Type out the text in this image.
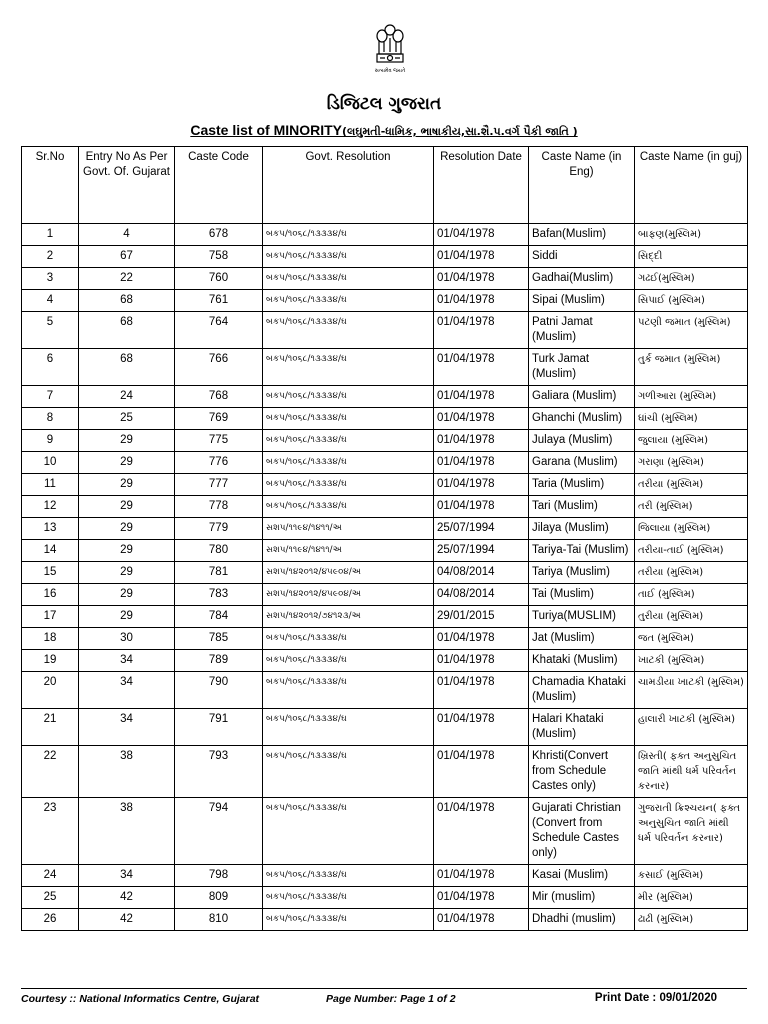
સત્યમેવ જયતે
ડિજિટલ ગુજરાત
Caste list of MINORITY(લઘુમતી-ધામિક, ભાષાકીય,સા.શૈ.પ.વર્ગ પૈકી જાતિ )
Sr.No	Entry No As Per Govt. Of. Gujarat	Caste Code	Govt. Resolution	Resolution Date	Caste Name (in Eng)	Caste Name (in guj)
1	4	678	બકપ/૧૦૬૮/૧૩૩૩૪/ઘ	01/04/1978	Bafan(Muslim)	બાફણ(મુસ્લિમ)
2	67	758	બકપ/૧૦૬૮/૧૩૩૩૪/ઘ	01/04/1978	Siddi	સિદ્દી
3	22	760	બકપ/૧૦૬૮/૧૩૩૩૪/ઘ	01/04/1978	Gadhai(Muslim)	ગઢઈ(મુસ્લિમ)
4	68	761	બકપ/૧૦૬૮/૧૩૩૩૪/ઘ	01/04/1978	Sipai (Muslim)	સિપાઈ (મુસ્લિમ)
5	68	764	બકપ/૧૦૬૮/૧૩૩૩૪/ઘ	01/04/1978	Patni Jamat (Muslim)	પટણી જમાત (મુસ્લિમ)
6	68	766	બકપ/૧૦૬૮/૧૩૩૩૪/ઘ	01/04/1978	Turk Jamat (Muslim)	તુર્ક જમાત (મુસ્લિમ)
7	24	768	બકપ/૧૦૬૮/૧૩૩૩૪/ઘ	01/04/1978	Galiara (Muslim)	ગળીઆરા (મુસ્લિમ)
8	25	769	બકપ/૧૦૬૮/૧૩૩૩૪/ઘ	01/04/1978	Ghanchi (Muslim)	ઘાંચી (મુસ્લિમ)
9	29	775	બકપ/૧૦૬૮/૧૩૩૩૪/ઘ	01/04/1978	Julaya (Muslim)	જુલાયા (મુસ્લિમ)
10	29	776	બકપ/૧૦૬૮/૧૩૩૩૪/ઘ	01/04/1978	Garana (Muslim)	ગરાણા (મુસ્લિમ)
11	29	777	બકપ/૧૦૬૮/૧૩૩૩૪/ઘ	01/04/1978	Taria (Muslim)	તરીયા (મુસ્લિમ)
12	29	778	બકપ/૧૦૬૮/૧૩૩૩૪/ઘ	01/04/1978	Tari (Muslim)	તરી (મુસ્લિમ)
13	29	779	સશપ/૧૧૯૪/૧૪૧૧/અ	25/07/1994	Jilaya (Muslim)	જિલાયા (મુસ્લિમ)
14	29	780	સશપ/૧૧૯૪/૧૪૧૧/અ	25/07/1994	Tariya-Tai (Muslim)	તરીયા-તાઈ (મુસ્લિમ)
15	29	781	સશપ/૧૪૨૦૧૨/૪૫૯૦૪/અ	04/08/2014	Tariya (Muslim)	તરીયા (મુસ્લિમ)
16	29	783	સશપ/૧૪૨૦૧૨/૪૫૯૦૪/અ	04/08/2014	Tai (Muslim)	તાઈ (મુસ્લિમ)
17	29	784	સશપ/૧૪૨૦૧૨/૭૪૧૨૩/અ	29/01/2015	Turiya(MUSLIM)	તુરીયા (મુસ્લિમ)
18	30	785	બકપ/૧૦૬૮/૧૩૩૩૪/ઘ	01/04/1978	Jat (Muslim)	જત (મુસ્લિમ)
19	34	789	બકપ/૧૦૬૮/૧૩૩૩૪/ઘ	01/04/1978	Khataki (Muslim)	ખાટકી (મુસ્લિમ)
20	34	790	બકપ/૧૦૬૮/૧૩૩૩૪/ઘ	01/04/1978	Chamadia Khataki (Muslim)	ચામડીયા ખાટકી (મુસ્લિમ)
21	34	791	બકપ/૧૦૬૮/૧૩૩૩૪/ઘ	01/04/1978	Halari Khataki (Muslim)	હાલારી ખાટકી (મુસ્લિમ)
22	38	793	બકપ/૧૦૬૮/૧૩૩૩૪/ઘ	01/04/1978	Khristi(Convert from Schedule Castes only)	ખ્રિસ્તી( ફક્ત અનુસુચિત જાતિ માંથી ધર્મ પરિવર્તન કરનાર)
23	38	794	બકપ/૧૦૬૮/૧૩૩૩૪/ઘ	01/04/1978	Gujarati Christian (Convert from Schedule Castes only)	ગુજરાતી ક્રિશ્ચયન( ફક્ત અનુસુચિત જાતિ માંથી ધર્મ પરિવર્તન કરનાર)
24	34	798	બકપ/૧૦૬૮/૧૩૩૩૪/ઘ	01/04/1978	Kasai (Muslim)	કસાઈ (મુસ્લિમ)
25	42	809	બકપ/૧૦૬૮/૧૩૩૩૪/ઘ	01/04/1978	Mir (muslim)	મીર (મુસ્લિમ)
26	42	810	બકપ/૧૦૬૮/૧૩૩૩૪/ઘ	01/04/1978	Dhadhi (muslim)	ઢાઢી (મુસ્લિમ)
Courtesy :: National Informatics Centre, Gujarat	Page Number: Page 1 of 2	Print Date : 09/01/2020
